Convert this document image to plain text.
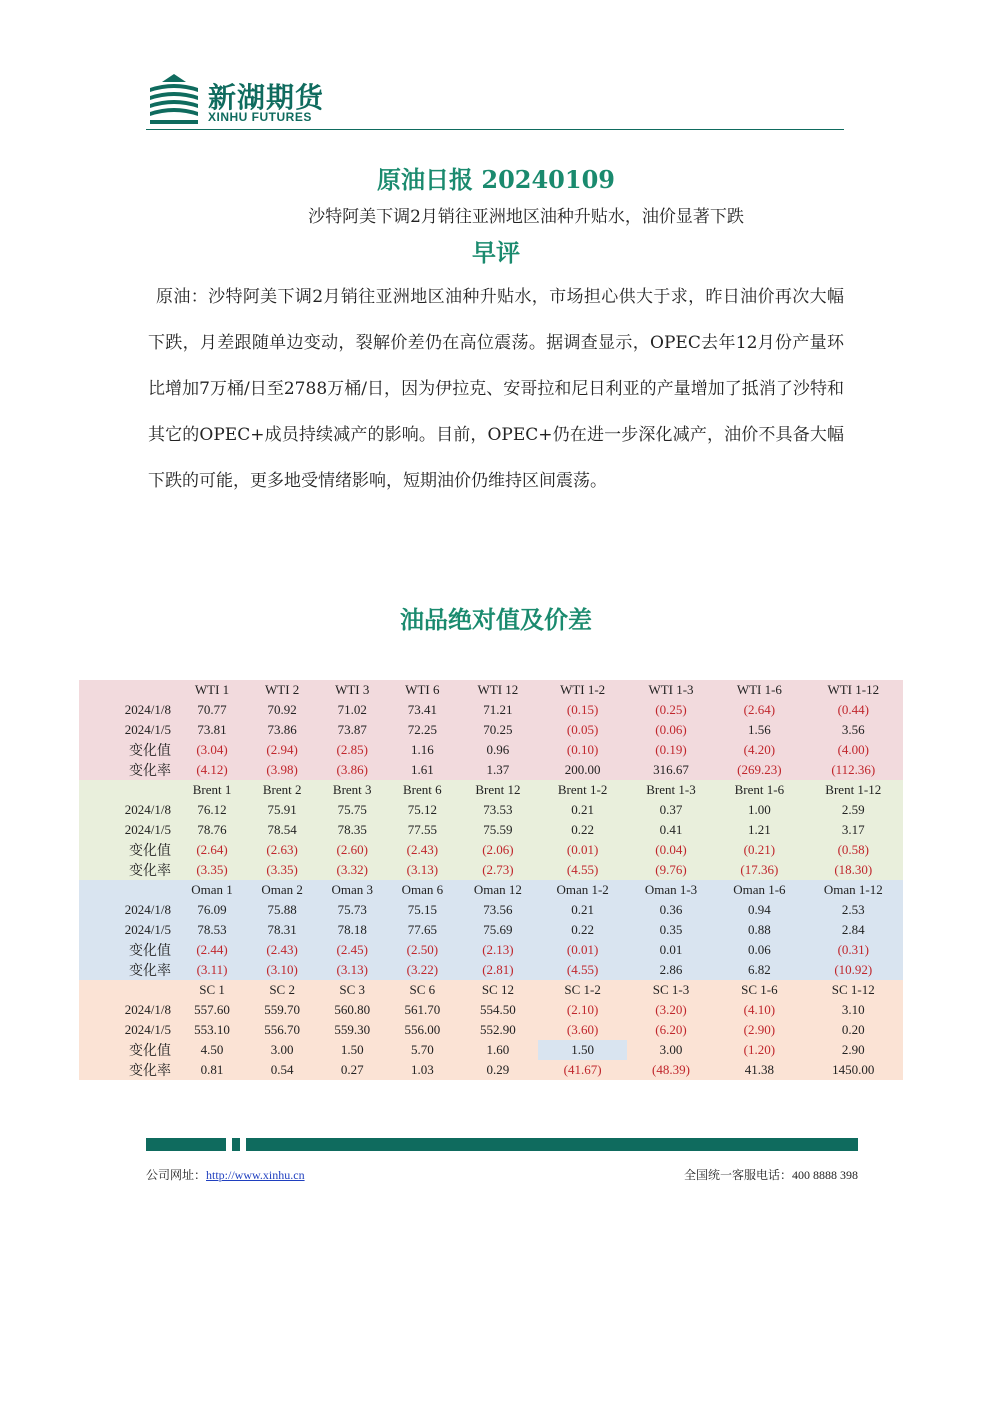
新湖期货
XINHU FUTURES
原油日报 20240109
沙特阿美下调2月销往亚洲地区油种升贴水，油价显著下跌
早评
原油：沙特阿美下调2月销往亚洲地区油种升贴水，市场担心供大于求，昨日油价再次大幅下跌，月差跟随单边变动，裂解价差仍在高位震荡。据调查显示，OPEC去年12月份产量环比增加7万桶/日至2788万桶/日，因为伊拉克、安哥拉和尼日利亚的产量增加了抵消了沙特和其它的OPEC+成员持续减产的影响。目前，OPEC+仍在进一步深化减产，油价不具备大幅下跌的可能，更多地受情绪影响，短期油价仍维持区间震荡。
油品绝对值及价差
	WTI 1	WTI 2	WTI 3	WTI 6	WTI 12	WTI 1-2	WTI 1-3	WTI 1-6	WTI 1-12
2024/1/8	70.77	70.92	71.02	73.41	71.21	(0.15)	(0.25)	(2.64)	(0.44)
2024/1/5	73.81	73.86	73.87	72.25	70.25	(0.05)	(0.06)	1.56	3.56
变化值	(3.04)	(2.94)	(2.85)	1.16	0.96	(0.10)	(0.19)	(4.20)	(4.00)
变化率	(4.12)	(3.98)	(3.86)	1.61	1.37	200.00	316.67	(269.23)	(112.36)
	Brent 1	Brent 2	Brent 3	Brent 6	Brent 12	Brent 1-2	Brent 1-3	Brent 1-6	Brent 1-12
2024/1/8	76.12	75.91	75.75	75.12	73.53	0.21	0.37	1.00	2.59
2024/1/5	78.76	78.54	78.35	77.55	75.59	0.22	0.41	1.21	3.17
变化值	(2.64)	(2.63)	(2.60)	(2.43)	(2.06)	(0.01)	(0.04)	(0.21)	(0.58)
变化率	(3.35)	(3.35)	(3.32)	(3.13)	(2.73)	(4.55)	(9.76)	(17.36)	(18.30)
	Oman 1	Oman 2	Oman 3	Oman 6	Oman 12	Oman 1-2	Oman 1-3	Oman 1-6	Oman 1-12
2024/1/8	76.09	75.88	75.73	75.15	73.56	0.21	0.36	0.94	2.53
2024/1/5	78.53	78.31	78.18	77.65	75.69	0.22	0.35	0.88	2.84
变化值	(2.44)	(2.43)	(2.45)	(2.50)	(2.13)	(0.01)	0.01	0.06	(0.31)
变化率	(3.11)	(3.10)	(3.13)	(3.22)	(2.81)	(4.55)	2.86	6.82	(10.92)
	SC 1	SC 2	SC 3	SC 6	SC 12	SC 1-2	SC 1-3	SC 1-6	SC 1-12
2024/1/8	557.60	559.70	560.80	561.70	554.50	(2.10)	(3.20)	(4.10)	3.10
2024/1/5	553.10	556.70	559.30	556.00	552.90	(3.60)	(6.20)	(2.90)	0.20
变化值	4.50	3.00	1.50	5.70	1.60	1.50	3.00	(1.20)	2.90
变化率	0.81	0.54	0.27	1.03	0.29	(41.67)	(48.39)	41.38	1450.00
公司网址：http://www.xinhu.cn	全国统一客服电话：400 8888 398
